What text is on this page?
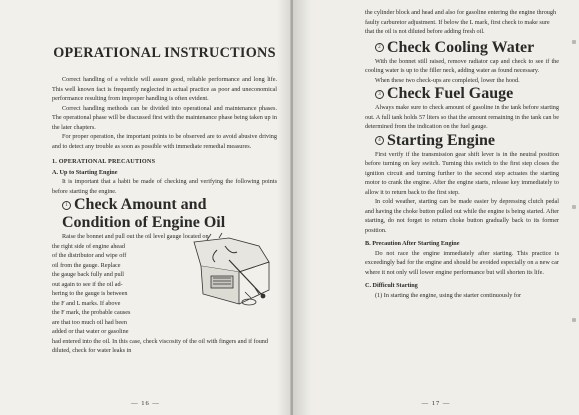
OPERATIONAL INSTRUCTIONS

Correct handling of a vehicle will assure good, reliable performance and long life. This well known fact is frequently neglected in actual practice as poor and uneconomical performance resulting from improper handling is often evident.

Correct handling methods can be divided into operational and maintenance phases. The operational phase will be discussed first with the maintenance phase being taken up in the later chapters.

For proper operation, the important points to be observed are to avoid abusive driving and to detect any trouble as soon as possible with immediate remedial measures.

1. OPERATIONAL PRECAUTIONS
A. Up to Starting Engine

It is important that a habit be made of checking and verifying the following points before starting the engine.

1 Check Amount and Condition of Engine Oil

Raise the bonnet and pull out the oil level gauge located on

the right side of engine ahead

of the distributor and wipe off

oil from the gauge. Replace

the gauge back fully and pull

out again to see if the oil ad-

hering to the gauge is between

the F and L marks. If above

the F mark, the probable causes

are that too much oil had been

added or that water or gasoline

had entered into the oil. In this case, check viscosity of the oil with fingers and if found diluted, check for water leaks in

— 16 —

the cylinder block and head and also for gasoline entering the engine through faulty carburetor adjustment. If below the L mark, first check to make sure that the oil is not diluted before adding fresh oil.

2 Check Cooling Water

With the bonnet still raised, remove radiator cap and check to see if the cooling water is up to the filler neck, adding water as found necessary.

When these two check-ups are completed, lower the hood.

3 Check Fuel Gauge

Always make sure to check amount of gasoline in the tank before starting out. A full tank holds 57 liters so that the amount remaining in the tank can be determined from the indication on the fuel gauge.

4 Starting Engine

First verify if the transmission gear shift lever is in the neutral position before turning on key switch. Turning this switch to the first step closes the ignition circuit and turning further to the second step actuates the starting motor to crank the engine. After the engine starts, release key immediately to allow it to return back to the first step.

In cold weather, starting can be made easier by depressing clutch pedal and having the choke button pulled out while the engine is being started. After starting, do not forget to return choke button gradually back to its former position.

B. Precaution After Starting Engine

Do not race the engine immediately after starting. This practice is exceedingly bad for the engine and should be avoided especially on a new car where it not only will lower engine performance but will shorten its life.

C. Difficult Starting

(1) In starting the engine, using the starter continuously for

— 17 —
